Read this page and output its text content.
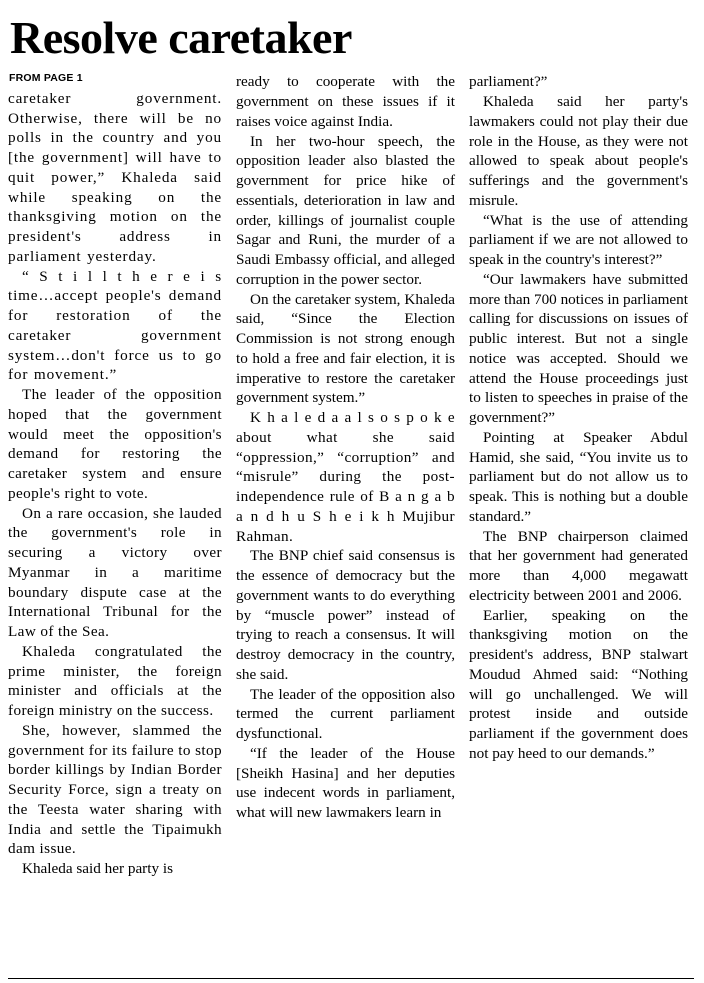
Resolve caretaker
FROM PAGE 1

caretaker government. Otherwise, there will be no polls in the country and you [the government] will have to quit power,” Khaleda said while speaking on the thanksgiving motion on the president's address in parliament yesterday.

“ S t i l l t h e r e i s time…accept people's demand for restoration of the caretaker government system…don't force us to go for movement.”

The leader of the opposition hoped that the government would meet the opposition's demand for restoring the caretaker system and ensure people's right to vote.

On a rare occasion, she lauded the government's role in securing a victory over Myanmar in a maritime boundary dispute case at the International Tribunal for the Law of the Sea.

Khaleda congratulated the prime minister, the foreign minister and officials at the foreign ministry on the success.

She, however, slammed the government for its failure to stop border killings by Indian Border Security Force, sign a treaty on the Teesta water sharing with India and settle the Tipaimukh dam issue.

Khaleda said her party is

ready to cooperate with the government on these issues if it raises voice against India.

In her two-hour speech, the opposition leader also blasted the government for price hike of essentials, deterioration in law and order, killings of journalist couple Sagar and Runi, the murder of a Saudi Embassy official, and alleged corruption in the power sector.

On the caretaker system, Khaleda said, “Since the Election Commission is not strong enough to hold a free and fair election, it is imperative to restore the caretaker government system.”

K h a l e d a a l s o s p o k e about what she said “oppression,” “corruption” and “misrule” during the post-independence rule of B a n g a b a n d h u S h e i k h Mujibur Rahman.

The BNP chief said consensus is the essence of democracy but the government wants to do everything by “muscle power” instead of trying to reach a consensus. It will destroy democracy in the country, she said.

The leader of the opposition also termed the current parliament dysfunctional.

“If the leader of the House [Sheikh Hasina] and her deputies use indecent words in parliament, what will new lawmakers learn in

parliament?”

Khaleda said her party's lawmakers could not play their due role in the House, as they were not allowed to speak about people's sufferings and the government's misrule.

“What is the use of attending parliament if we are not allowed to speak in the country's interest?”

“Our lawmakers have submitted more than 700 notices in parliament calling for discussions on issues of public interest. But not a single notice was accepted. Should we attend the House proceedings just to listen to speeches in praise of the government?”

Pointing at Speaker Abdul Hamid, she said, “You invite us to parliament but do not allow us to speak. This is nothing but a double standard.”

The BNP chairperson claimed that her government had generated more than 4,000 megawatt electricity between 2001 and 2006.

Earlier, speaking on the thanksgiving motion on the president's address, BNP stalwart Moudud Ahmed said: “Nothing will go unchallenged. We will protest inside and outside parliament if the government does not pay heed to our demands.”
